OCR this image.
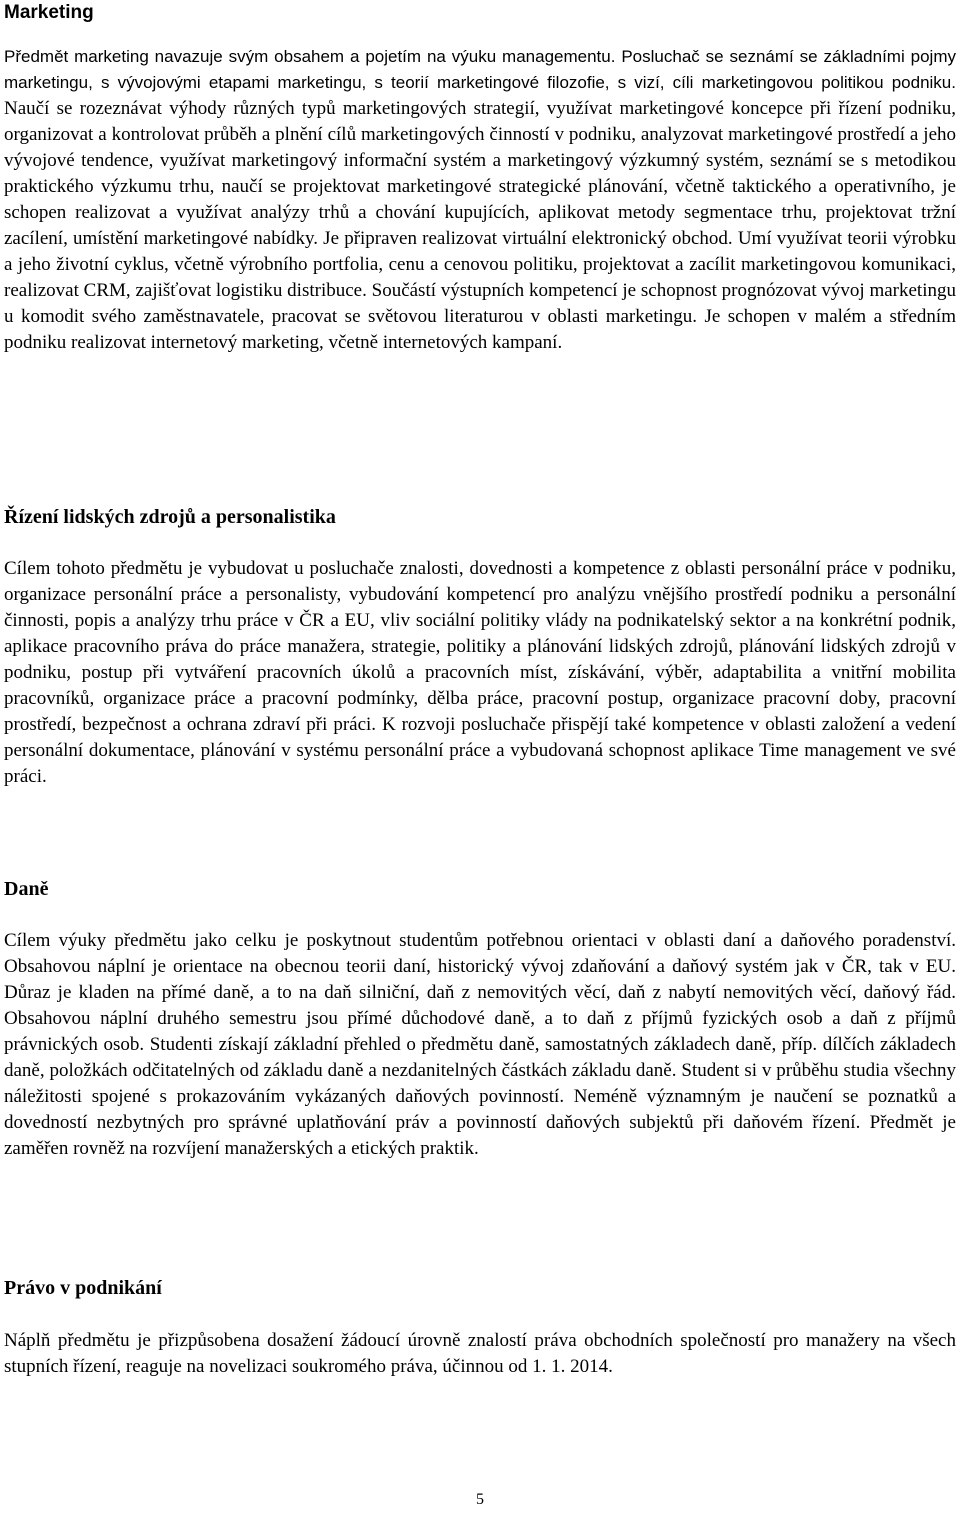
Marketing

Předmět marketing navazuje svým obsahem a pojetím na výuku managementu. Posluchač se seznámí se základními pojmy marketingu, s vývojovými etapami marketingu, s teorií marketingové filozofie, s vizí, cíli marketingovou politikou podniku. Naučí se rozeznávat výhody různých typů marketingových strategií, využívat marketingové koncepce při řízení podniku, organizovat a kontrolovat průběh a plnění cílů marketingových činností v podniku, analyzovat marketingové prostředí a jeho vývojové tendence, využívat marketingový informační systém a marketingový výzkumný systém, seznámí se s metodikou praktického výzkumu trhu, naučí se projektovat marketingové strategické plánování, včetně taktického a operativního, je schopen realizovat a využívat analýzy trhů a chování kupujících, aplikovat metody segmentace trhu, projektovat tržní zacílení, umístění marketingové nabídky. Je připraven realizovat virtuální elektronický obchod. Umí využívat teorii výrobku a jeho životní cyklus, včetně výrobního portfolia, cenu a cenovou politiku, projektovat a zacílit marketingovou komunikaci, realizovat CRM, zajišťovat logistiku distribuce. Součástí výstupních kompetencí je schopnost prognózovat vývoj marketingu u komodit svého zaměstnavatele, pracovat se světovou literaturou v oblasti marketingu. Je schopen v malém a středním podniku realizovat internetový marketing, včetně internetových kampaní.

Řízení lidských zdrojů a personalistika

Cílem tohoto předmětu je vybudovat u posluchače znalosti, dovednosti a kompetence z oblasti personální práce v podniku, organizace personální práce a personalisty, vybudování kompetencí pro analýzu vnějšího prostředí podniku a personální činnosti, popis a analýzy trhu práce v ČR a EU, vliv sociální politiky vlády na podnikatelský sektor a na konkrétní podnik, aplikace pracovního práva do práce manažera, strategie, politiky a plánování lidských zdrojů, plánování lidských zdrojů v podniku, postup při vytváření pracovních úkolů a pracovních míst, získávání, výběr, adaptabilita a vnitřní mobilita pracovníků, organizace práce a pracovní podmínky, dělba práce, pracovní postup, organizace pracovní doby, pracovní prostředí, bezpečnost a ochrana zdraví při práci. K rozvoji posluchače přispějí také kompetence v oblasti založení a vedení personální dokumentace, plánování v systému personální práce a vybudovaná schopnost aplikace Time management ve své práci.

Daně

Cílem výuky předmětu jako celku je poskytnout studentům potřebnou orientaci v oblasti daní a daňového poradenství. Obsahovou náplní je orientace na obecnou teorii daní, historický vývoj zdaňování a daňový systém jak v ČR, tak v EU. Důraz je kladen na přímé daně, a to na daň silniční, daň z nemovitých věcí, daň z nabytí nemovitých věcí, daňový řád. Obsahovou náplní druhého semestru jsou přímé důchodové daně, a to daň z příjmů fyzických osob a daň z příjmů právnických osob. Studenti získají základní přehled o předmětu daně, samostatných základech daně, příp. dílčích základech daně, položkách odčitatelných od základu daně a nezdanitelných částkách základu daně. Student si v průběhu studia všechny náležitosti spojené s prokazováním vykázaných daňových povinností. Neméně významným je naučení se poznatků a dovedností nezbytných pro správné uplatňování práv a povinností daňových subjektů při daňovém řízení. Předmět je zaměřen rovněž na rozvíjení manažerských a etických praktik.

Právo v podnikání

Náplň předmětu je přizpůsobena dosažení žádoucí úrovně znalostí práva obchodních společností pro manažery na všech stupních řízení, reaguje na novelizaci soukromého práva, účinnou od 1. 1. 2014.

5
